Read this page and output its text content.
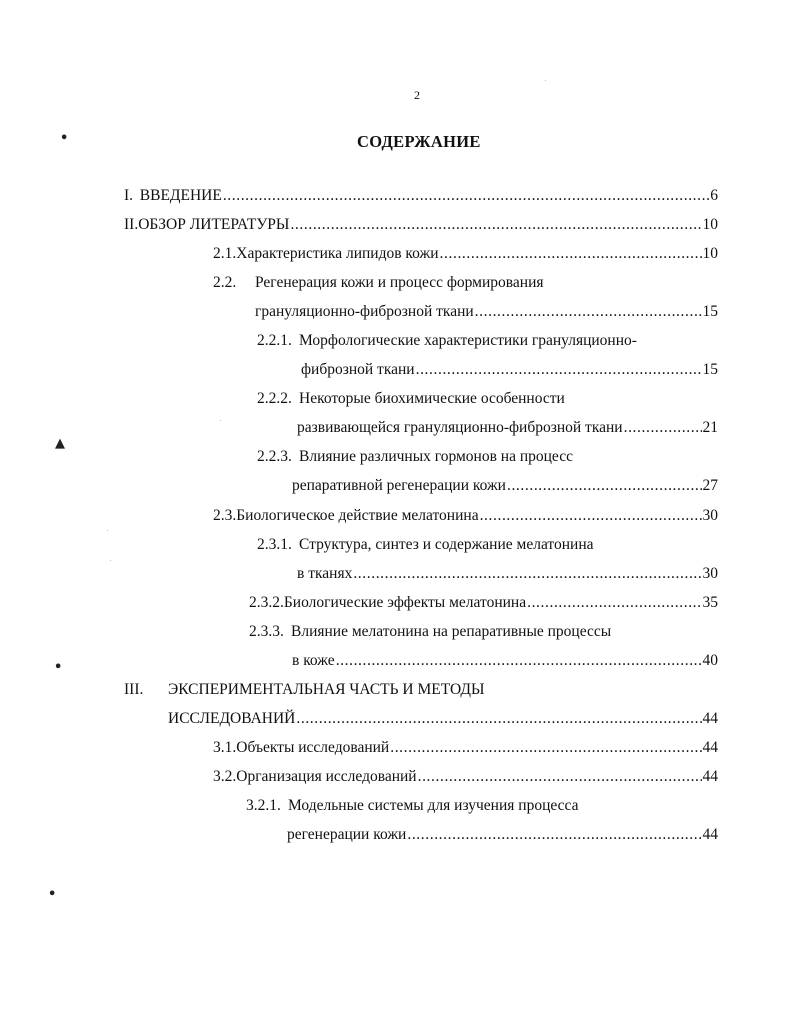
2
СОДЕРЖАНИЕ
I. ВВЕДЕНИЕ .....	6
II. ОБЗОР ЛИТЕРАТУРЫ .....	10
2.1. Характеристика липидов кожи .....	10
2.2.	Регенерация кожи и процесс формирования
грануляционно-фиброзной ткани .....	15
2.2.1. Морфологические характеристики грануляционно-
фиброзной ткани .....	15
2.2.2. Некоторые биохимические особенности
развивающейся грануляционно-фиброзной ткани .....	21
2.2.3. Влияние различных гормонов на процесс
репаративной регенерации кожи .....	27
2.3. Биологическое действие мелатонина .....	30
2.3.1. Структура, синтез и содержание мелатонина
в тканях .....	30
2.3.2. Биологические эффекты мелатонина .....	35
2.3.3. Влияние мелатонина на репаративные процессы
в коже .....	40
III.	ЭКСПЕРИМЕНТАЛЬНАЯ ЧАСТЬ И МЕТОДЫ
ИССЛЕДОВАНИЙ .....	44
3.1. Объекты исследований .....	44
3.2. Организация исследований .....	44
3.2.1. Модельные системы для изучения процесса
регенерации кожи .....	44
•
▲
•
•
